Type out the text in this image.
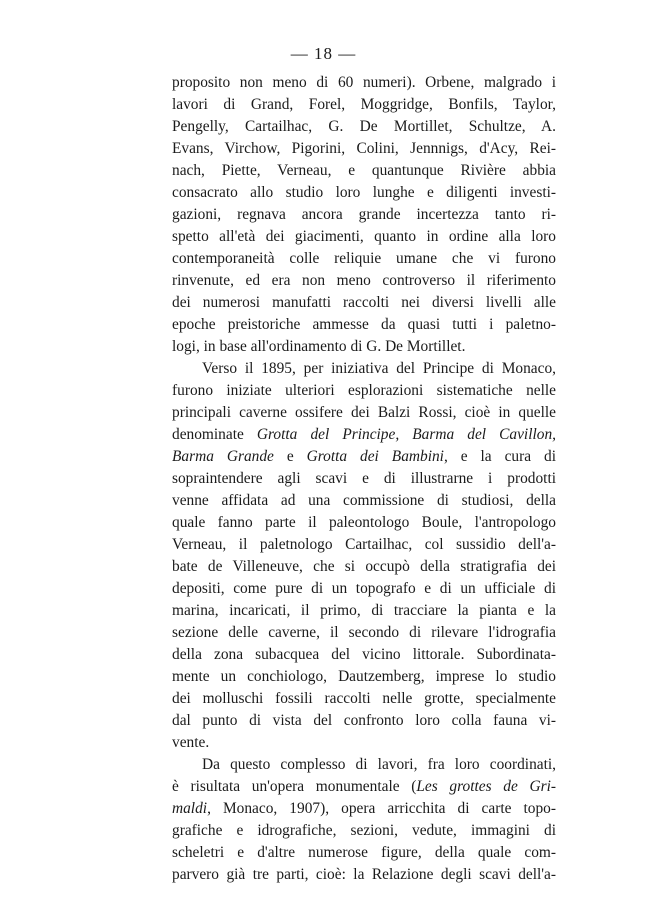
— 18 —
proposito non meno di 60 numeri). Orbene, malgrado i
lavori di Grand, Forel, Moggridge, Bonfils, Taylor,
Pengelly, Cartailhac, G. De Mortillet, Schultze, A.
Evans, Virchow, Pigorini, Colini, Jennnigs, d'Acy, Rei-
nach, Piette, Verneau, e quantunque Rivière abbia
consacrato allo studio loro lunghe e diligenti investi-
gazioni, regnava ancora grande incertezza tanto ri-
spetto all'età dei giacimenti, quanto in ordine alla loro
contemporaneità colle reliquie umane che vi furono
rinvenute, ed era non meno controverso il riferimento
dei numerosi manufatti raccolti nei diversi livelli alle
epoche preistoriche ammesse da quasi tutti i paletno-
logi, in base all'ordinamento di G. De Mortillet.
Verso il 1895, per iniziativa del Principe di Monaco,
furono iniziate ulteriori esplorazioni sistematiche nelle
principali caverne ossifere dei Balzi Rossi, cioè in quelle
denominate Grotta del Principe, Barma del Cavillon,
Barma Grande e Grotta dei Bambini, e la cura di
sopraintendere agli scavi e di illustrarne i prodotti
venne affidata ad una commissione di studiosi, della
quale fanno parte il paleontologo Boule, l'antropologo
Verneau, il paletnologo Cartailhac, col sussidio dell'a-
bate de Villeneuve, che si occupò della stratigrafia dei
depositi, come pure di un topografo e di un ufficiale di
marina, incaricati, il primo, di tracciare la pianta e la
sezione delle caverne, il secondo di rilevare l'idrografia
della zona subacquea del vicino littorale. Subordinata-
mente un conchiologo, Dautzemberg, imprese lo studio
dei molluschi fossili raccolti nelle grotte, specialmente
dal punto di vista del confronto loro colla fauna vi-
vente.
Da questo complesso di lavori, fra loro coordinati,
è risultata un'opera monumentale (Les grottes de Gri-
maldi, Monaco, 1907), opera arricchita di carte topo-
grafiche e idrografiche, sezioni, vedute, immagini di
scheletri e d'altre numerose figure, della quale com-
parvero già tre parti, cioè: la Relazione degli scavi dell'a-
